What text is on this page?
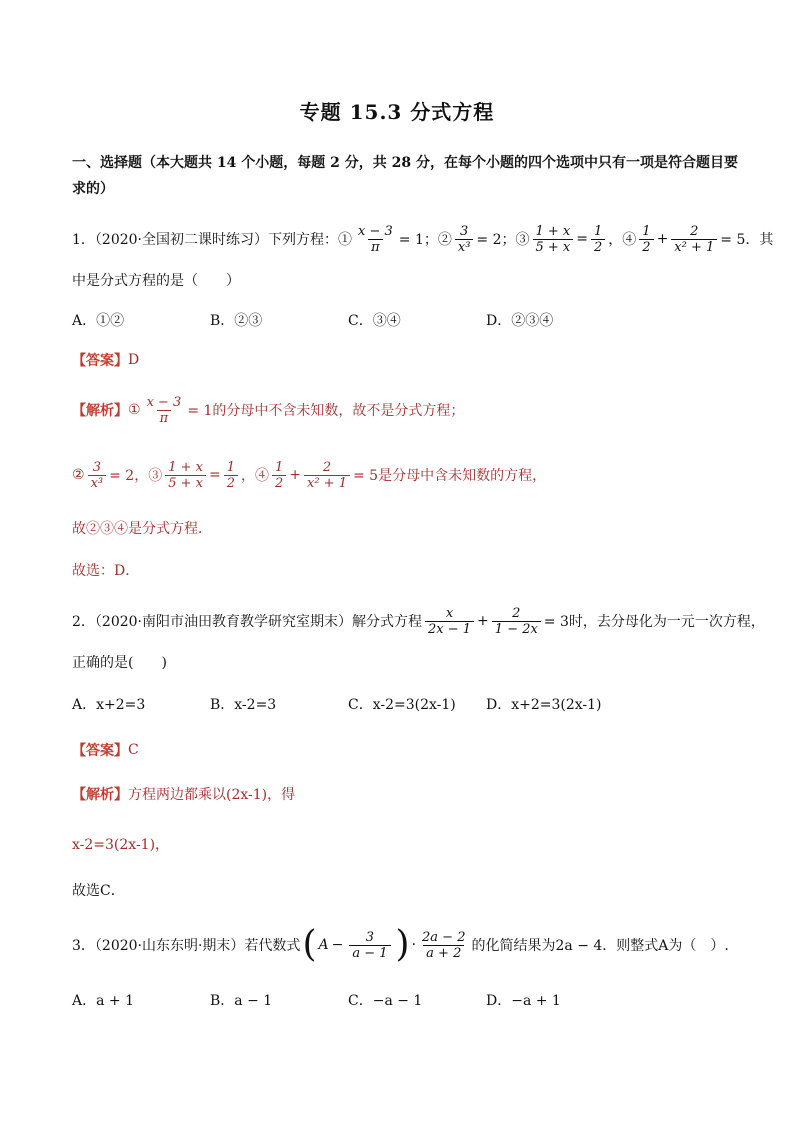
专题 15.3 分式方程
一、选择题（本大题共 14 个小题，每题 2 分，共 28 分，在每个小题的四个选项中只有一项是符合题目要
求的）
1．（2020·全国初二课时练习）下列方程：① $\frac{x - 3}{\pi} = 1$；② $\frac{3}{\text{x³}} = 2$；③ $\frac{1 + x}{5 + x} = \frac{1}{2}$ ，④ $\frac{1}{2} + \frac{2}{\text{x² + 1}} = 5$．其
中是分式方程的是（　　）
A．①②	B．②③	C．③④	D．②③④
【答案】 D
【解析】 ① $\frac{x - 3}{\pi} = 1$的分母中不含未知数，故不是分式方程；
② $\frac{3}{\text{x³}} = 2$，③ $\frac{1 + x}{5 + x} = \frac{1}{2}$ ，④ $\frac{1}{2} + \frac{2}{\text{x² + 1}} = 5$是分母中含未知数的方程，
故②③④是分式方程．
故选：D．
2．（2020·南阳市油田教育教学研究室期末）解分式方程 $\frac{x}{2x - 1} + \frac{2}{1 - 2x} = 3$时，去分母化为一元一次方程，
正确的是(　　)
A．x+2=3	B．x-2=3	C．x-2=3(2x-1)	D．x+2=3(2x-1)
【答案】 C
【解析】 方程两边都乘以(2x-1)，得
x-2=3(2x-1)，
故选C．
3．（2020·山东东明·期末）若代数式 ( $A - \frac{3}{a - 1}$ ) · $\frac{2a - 2}{a + 2}$ 的化简结果为2a − 4．则整式A为（　）.
A．a + 1	B．a − 1	C．−a − 1	D．−a + 1
